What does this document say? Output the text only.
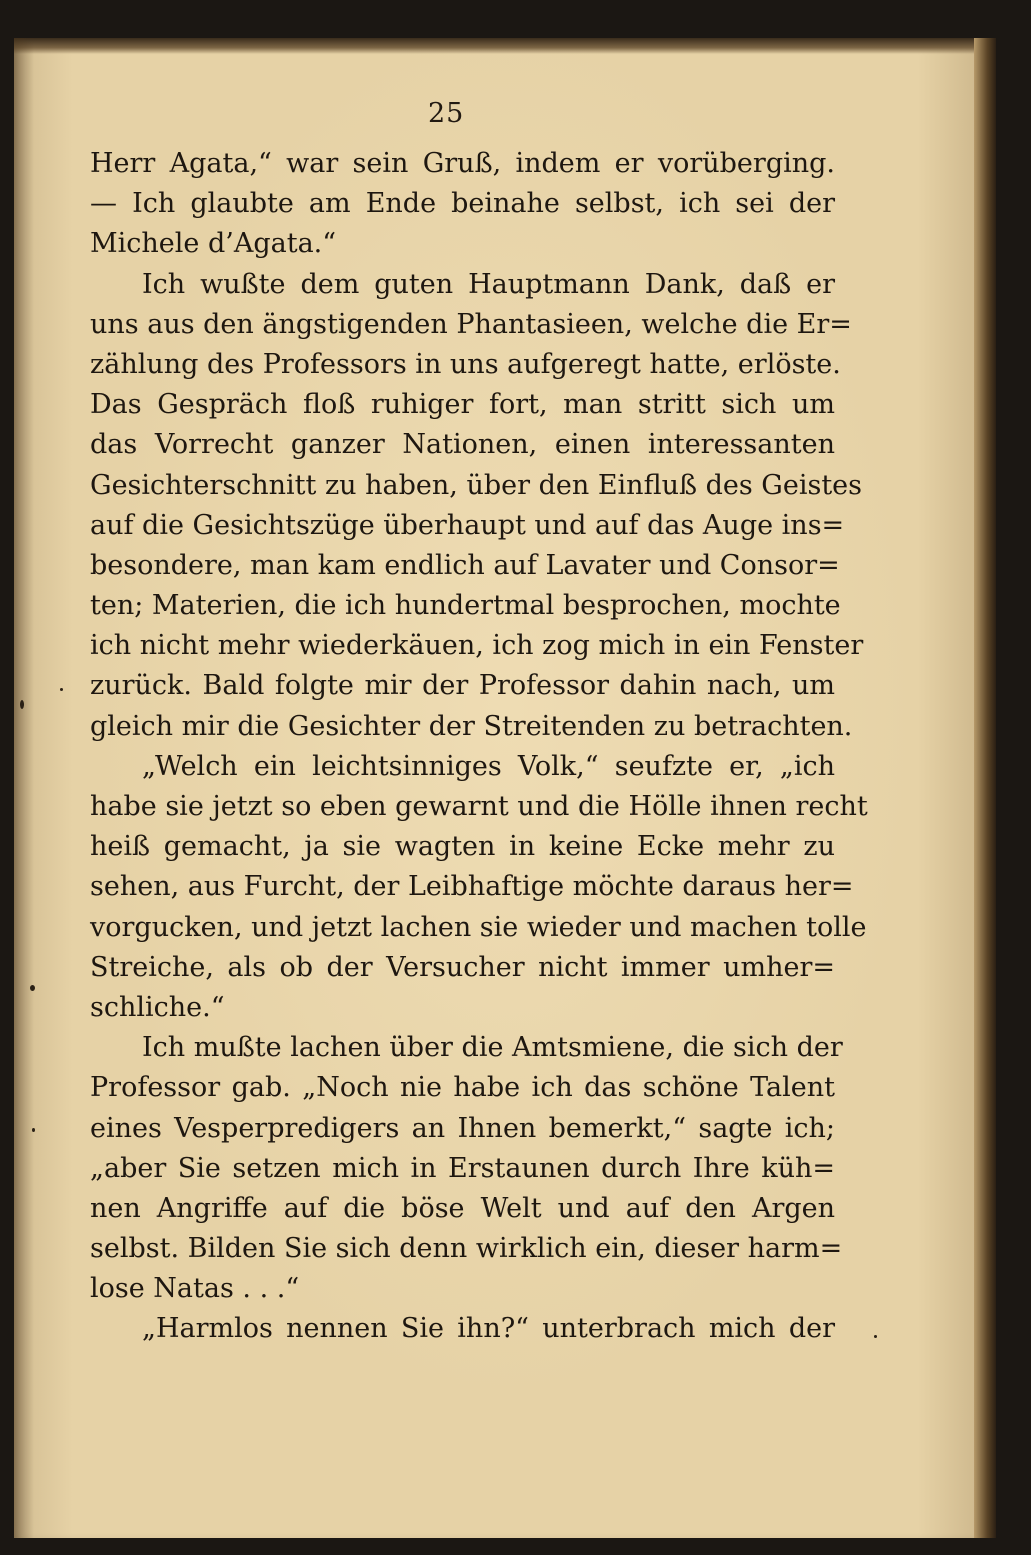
25
Herr Agata,“ war sein Gruß, indem er vorüberging.
— Ich glaubte am Ende beinahe selbst, ich sei der
Michele d’Agata.“
Ich wußte dem guten Hauptmann Dank, daß er
uns aus den ängstigenden Phantasieen, welche die Er=
zählung des Professors in uns aufgeregt hatte, erlöste.
Das Gespräch floß ruhiger fort, man stritt sich um
das Vorrecht ganzer Nationen, einen interessanten
Gesichterschnitt zu haben, über den Einfluß des Geistes
auf die Gesichtszüge überhaupt und auf das Auge ins=
besondere, man kam endlich auf Lavater und Consor=
ten; Materien, die ich hundertmal besprochen, mochte
ich nicht mehr wiederkäuen, ich zog mich in ein Fenster
zurück. Bald folgte mir der Professor dahin nach, um
gleich mir die Gesichter der Streitenden zu betrachten.
„Welch ein leichtsinniges Volk,“ seufzte er, „ich
habe sie jetzt so eben gewarnt und die Hölle ihnen recht
heiß gemacht, ja sie wagten in keine Ecke mehr zu
sehen, aus Furcht, der Leibhaftige möchte daraus her=
vorgucken, und jetzt lachen sie wieder und machen tolle
Streiche, als ob der Versucher nicht immer umher=
schliche.“
Ich mußte lachen über die Amtsmiene, die sich der
Professor gab. „Noch nie habe ich das schöne Talent
eines Vesperpredigers an Ihnen bemerkt,“ sagte ich;
„aber Sie setzen mich in Erstaunen durch Ihre küh=
nen Angriffe auf die böse Welt und auf den Argen
selbst. Bilden Sie sich denn wirklich ein, dieser harm=
lose Natas . . .“
„Harmlos nennen Sie ihn?“ unterbrach mich der
